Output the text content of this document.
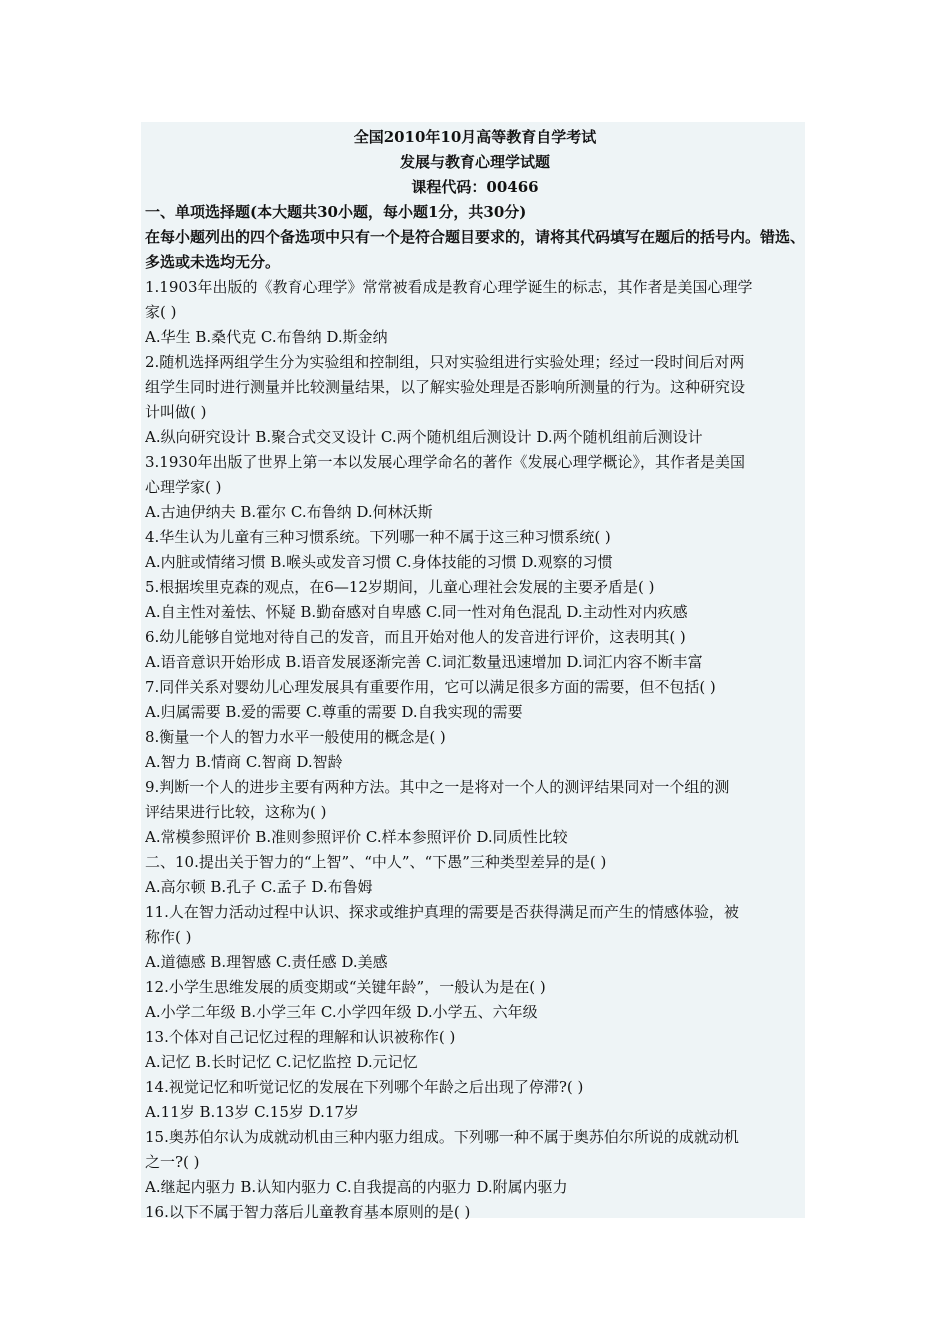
全国2010年10月高等教育自学考试
发展与教育心理学试题
课程代码：00466
一、单项选择题(本大题共30小题，每小题1分，共30分)
在每小题列出的四个备选项中只有一个是符合题目要求的，请将其代码填写在题后的括号内。错选、多选或未选均无分。
1.1903年出版的《教育心理学》常常被看成是教育心理学诞生的标志，其作者是美国心理学
家( )
A.华生 B.桑代克 C.布鲁纳 D.斯金纳
2.随机选择两组学生分为实验组和控制组，只对实验组进行实验处理；经过一段时间后对两
组学生同时进行测量并比较测量结果，以了解实验处理是否影响所测量的行为。这种研究设
计叫做( )
A.纵向研究设计 B.聚合式交叉设计 C.两个随机组后测设计 D.两个随机组前后测设计
3.1930年出版了世界上第一本以发展心理学命名的著作《发展心理学概论》，其作者是美国
心理学家( )
A.古迪伊纳夫 B.霍尔 C.布鲁纳 D.何林沃斯
4.华生认为儿童有三种习惯系统。下列哪一种不属于这三种习惯系统( )
A.内脏或情绪习惯 B.喉头或发音习惯 C.身体技能的习惯 D.观察的习惯
5.根据埃里克森的观点，在6—12岁期间，儿童心理社会发展的主要矛盾是( )
A.自主性对羞怯、怀疑 B.勤奋感对自卑感 C.同一性对角色混乱 D.主动性对内疚感
6.幼儿能够自觉地对待自己的发音，而且开始对他人的发音进行评价，这表明其( )
A.语音意识开始形成 B.语音发展逐渐完善 C.词汇数量迅速增加 D.词汇内容不断丰富
7.同伴关系对婴幼儿心理发展具有重要作用，它可以满足很多方面的需要，但不包括( )
A.归属需要 B.爱的需要 C.尊重的需要 D.自我实现的需要
8.衡量一个人的智力水平一般使用的概念是( )
A.智力 B.情商 C.智商 D.智龄
9.判断一个人的进步主要有两种方法。其中之一是将对一个人的测评结果同对一个组的测
评结果进行比较，这称为( )
A.常模参照评价 B.准则参照评价 C.样本参照评价 D.同质性比较
二、10.提出关于智力的“上智”、“中人”、“下愚”三种类型差异的是( )
A.高尔顿 B.孔子 C.孟子 D.布鲁姆
11.人在智力活动过程中认识、探求或维护真理的需要是否获得满足而产生的情感体验，被
称作( )
A.道德感 B.理智感 C.责任感 D.美感
12.小学生思维发展的质变期或“关键年龄”，一般认为是在( )
A.小学二年级 B.小学三年 C.小学四年级 D.小学五、六年级
13.个体对自己记忆过程的理解和认识被称作( )
A.记忆 B.长时记忆 C.记忆监控 D.元记忆
14.视觉记忆和听觉记忆的发展在下列哪个年龄之后出现了停滞?( )
A.11岁 B.13岁 C.15岁 D.17岁
15.奥苏伯尔认为成就动机由三种内驱力组成。下列哪一种不属于奥苏伯尔所说的成就动机
之一?( )
A.继起内驱力 B.认知内驱力 C.自我提高的内驱力 D.附属内驱力
16.以下不属于智力落后儿童教育基本原则的是( )
